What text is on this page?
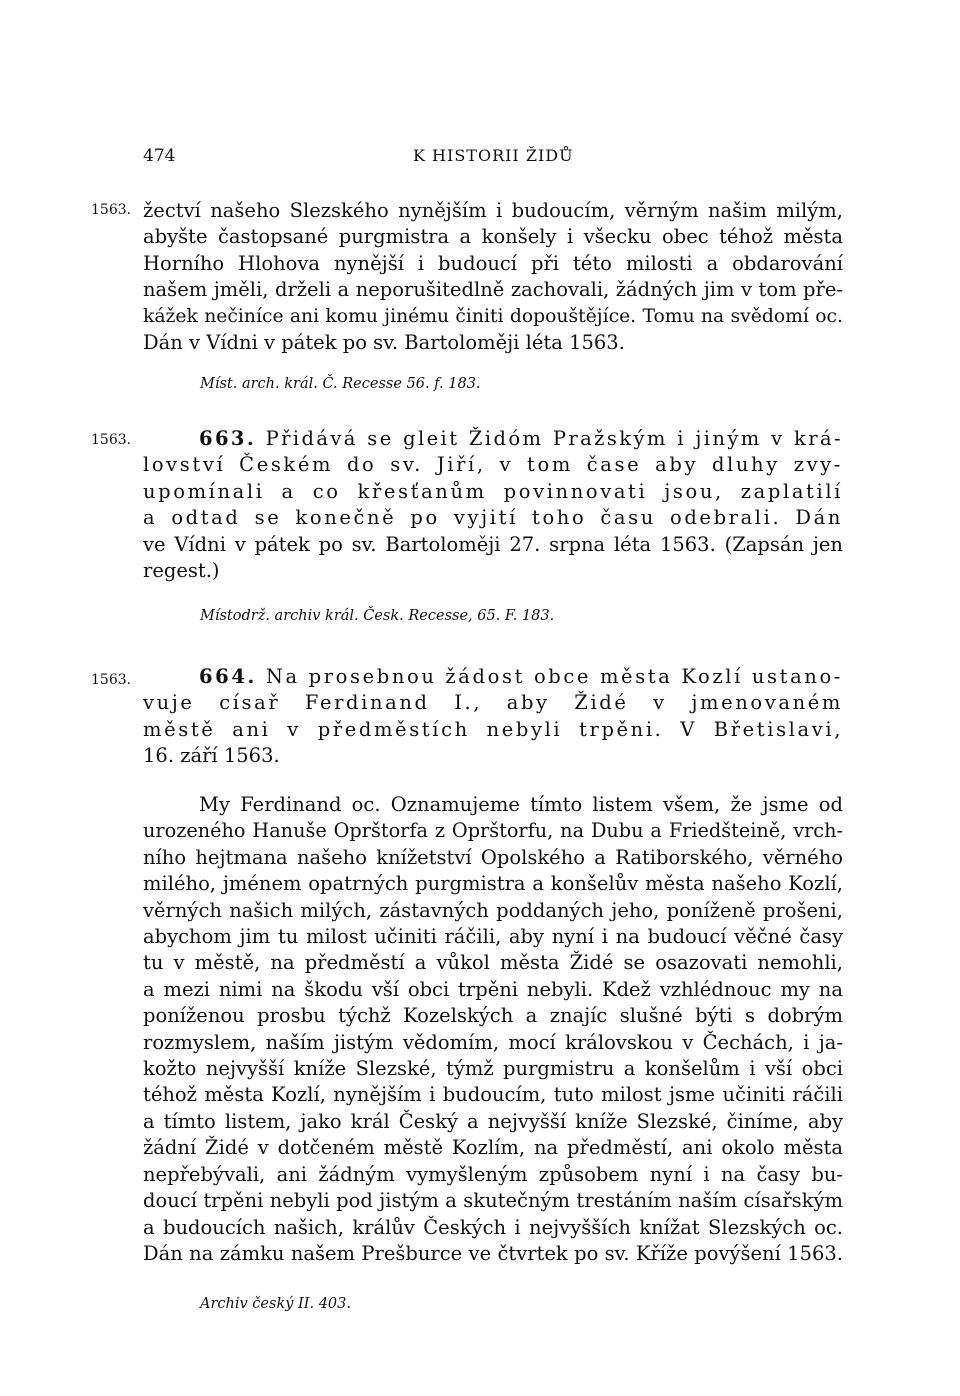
474	K HISTORII ŽIDŮ
1563. žectví našeho Slezského nynějším i budoucím, věrným našim milým,
abyšte častopsané purgmistra a konšely i všecku obec téhož města
Horního Hlohova nynější i budoucí při této milosti a obdarování
našem jměli, drželi a neporušitedlně zachovali, žádných jim v tom pře-
kážek nečiníce ani komu jinému činiti dopouštějíce. Tomu na svědomí oc.
Dán v Vídni v pátek po sv. Bartoloměji léta 1563.
Míst. arch. král. Č. Recesse 56. f. 183.
1563.	663. Přidává se gleit Židóm Pražským i jiným v krá-
lovství Českém do sv. Jiří, v tom čase aby dluhy zvy-
upomínali a co křesťanům povinnovati jsou, zaplatilí
a odtad se konečně po vyjití toho času odebrali. Dán
ve Vídni v pátek po sv. Bartoloměji 27. srpna léta 1563. (Zapsán jen
regest.)
Místodrž. archiv král. Česk. Recesse, 65. F. 183.
1563.	664. Na prosebnou žádost obce města Kozlí ustano-
vuje císař Ferdinand I., aby Židé v jmenovaném
městě ani v předměstích nebyli trpěni. V Břetislavi,
16. září 1563.
My Ferdinand oc. Oznamujeme tímto listem všem, že jsme od
urozeného Hanuše Oprštorfa z Oprštorfu, na Dubu a Friedšteině, vrch-
ního hejtmana našeho knížetství Opolského a Ratiborského, věrného
milého, jménem opatrných purgmistra a konšelův města našeho Kozlí,
věrných našich milých, zástavných poddaných jeho, poníženě prošeni,
abychom jim tu milost učiniti ráčili, aby nyní i na budoucí věčné časy
tu v městě, na předměstí a vůkol města Židé se osazovati nemohli,
a mezi nimi na škodu vší obci trpěni nebyli. Kdež vzhlédnouc my na
poníženou prosbu týchž Kozelských a znajíc slušné býti s dobrým
rozmyslem, naším jistým vědomím, mocí královskou v Čechách, i ja-
kožto nejvyšší kníže Slezské, týmž purgmistru a konšelům i vší obci
téhož města Kozlí, nynějším i budoucím, tuto milost jsme učiniti ráčili
a tímto listem, jako král Český a nejvyšší kníže Slezské, činíme, aby
žádní Židé v dotčeném městě Kozlím, na předměstí, ani okolo města
nepřebývali, ani žádným vymyšleným způsobem nyní i na časy bu-
doucí trpěni nebyli pod jistým a skutečným trestáním naším císařským
a budoucích našich, králův Českých i nejvyšších knížat Slezských oc.
Dán na zámku našem Prešburce ve čtvrtek po sv. Kříže povýšení 1563.
Archiv český II. 403.
